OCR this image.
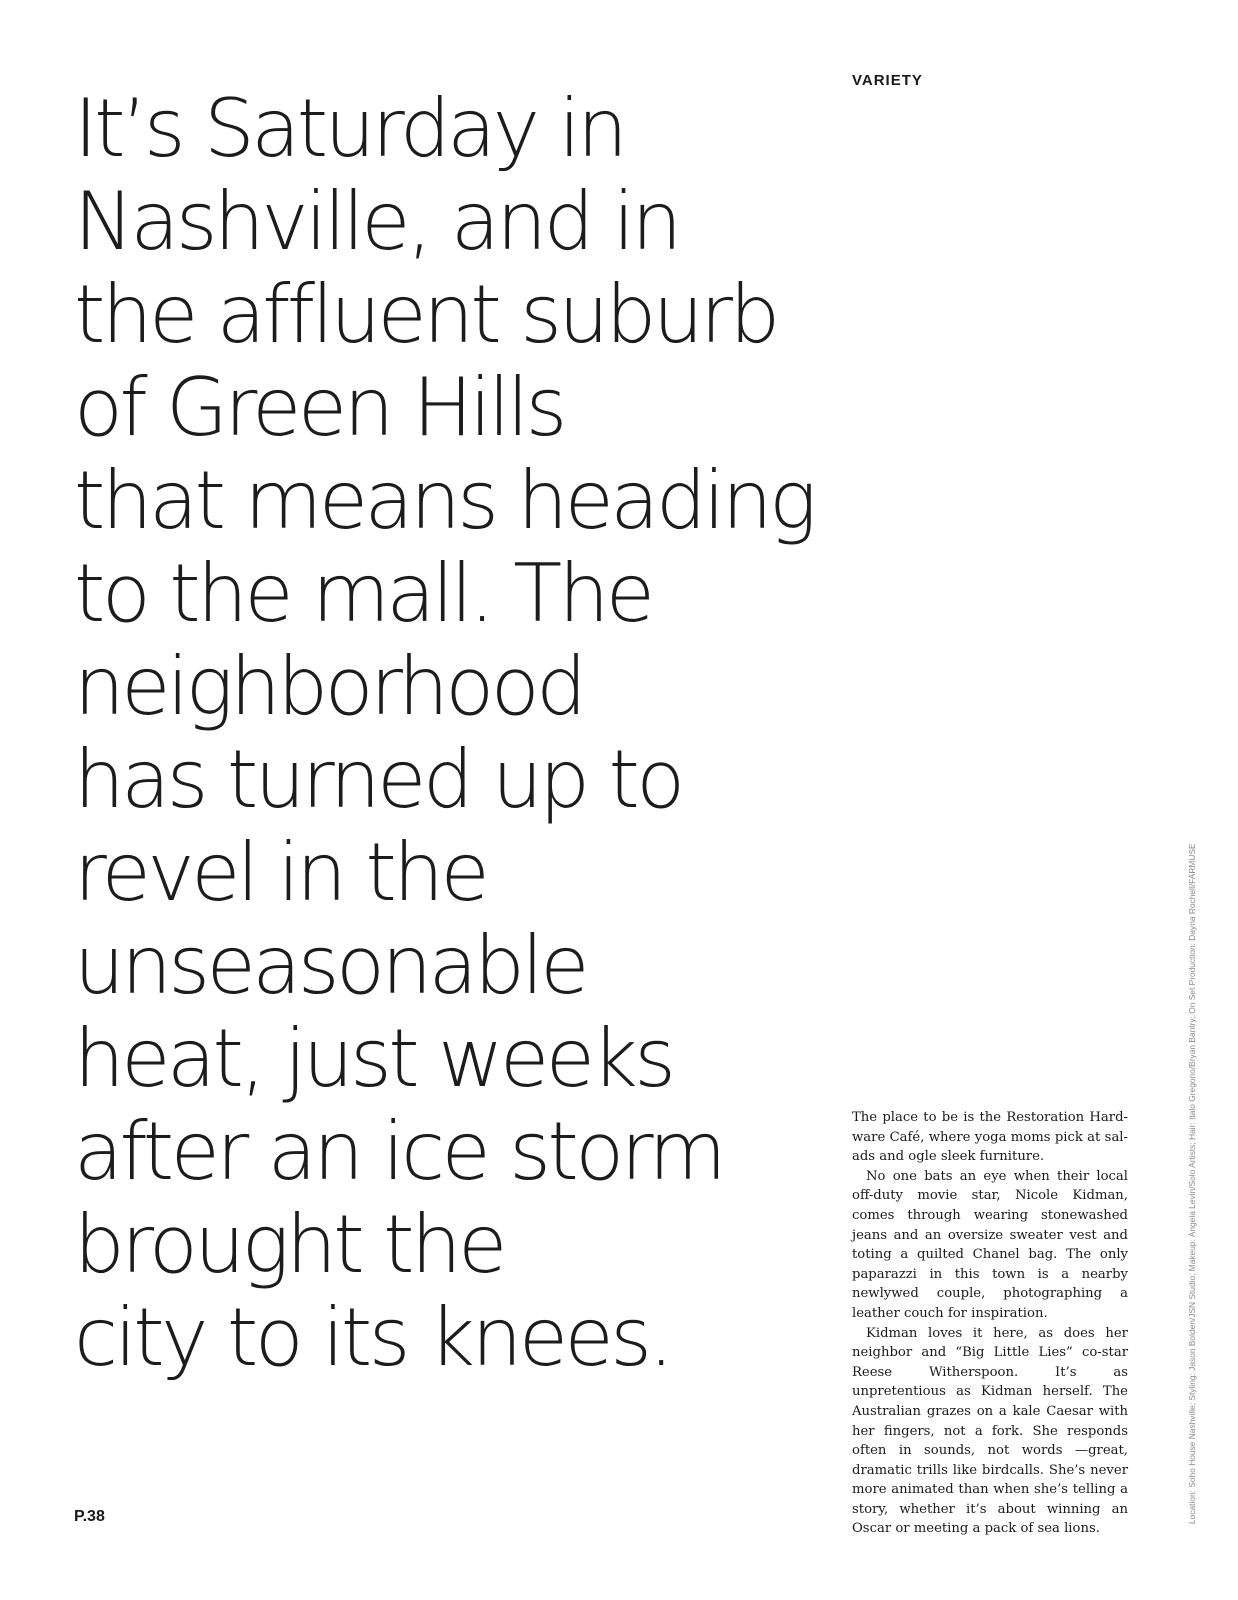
VARIETY
It’s Saturday in
Nashville, and in
the affluent suburb
of Green Hills
that means heading
to the mall. The
neighborhood
has turned up to
revel in the
unseasonable
heat, just weeks
after an ice storm
brought the
city to its knees.

The place to be is the Restoration Hardware Café, where yoga moms pick at salads and ogle sleek furniture.

No one bats an eye when their local off-duty movie star, Nicole Kidman, comes through wearing stonewashed jeans and an oversize sweater vest and toting a quilted Chanel bag. The only paparazzi in this town is a nearby newlywed couple, photographing a leather couch for inspiration.

Kidman loves it here, as does her neighbor and “Big Little Lies” co-star Reese Witherspoon. It’s as unpretentious as Kidman herself. The Australian grazes on a kale Caesar with her fingers, not a fork. She responds often in sounds, not words —great, dramatic trills like birdcalls. She’s never more animated than when she’s telling a story, whether it’s about winning an Oscar or meeting a pack of sea lions.

P.38	Location: Soho House Nashville; Styling: Jason Bolden/JSN Studio; Makeup: Angela Levin/Solo Artists; Hair: Italo Gregorio/Bryan Bantry; On Set Production: Dayna Rochell/FARMUSE
